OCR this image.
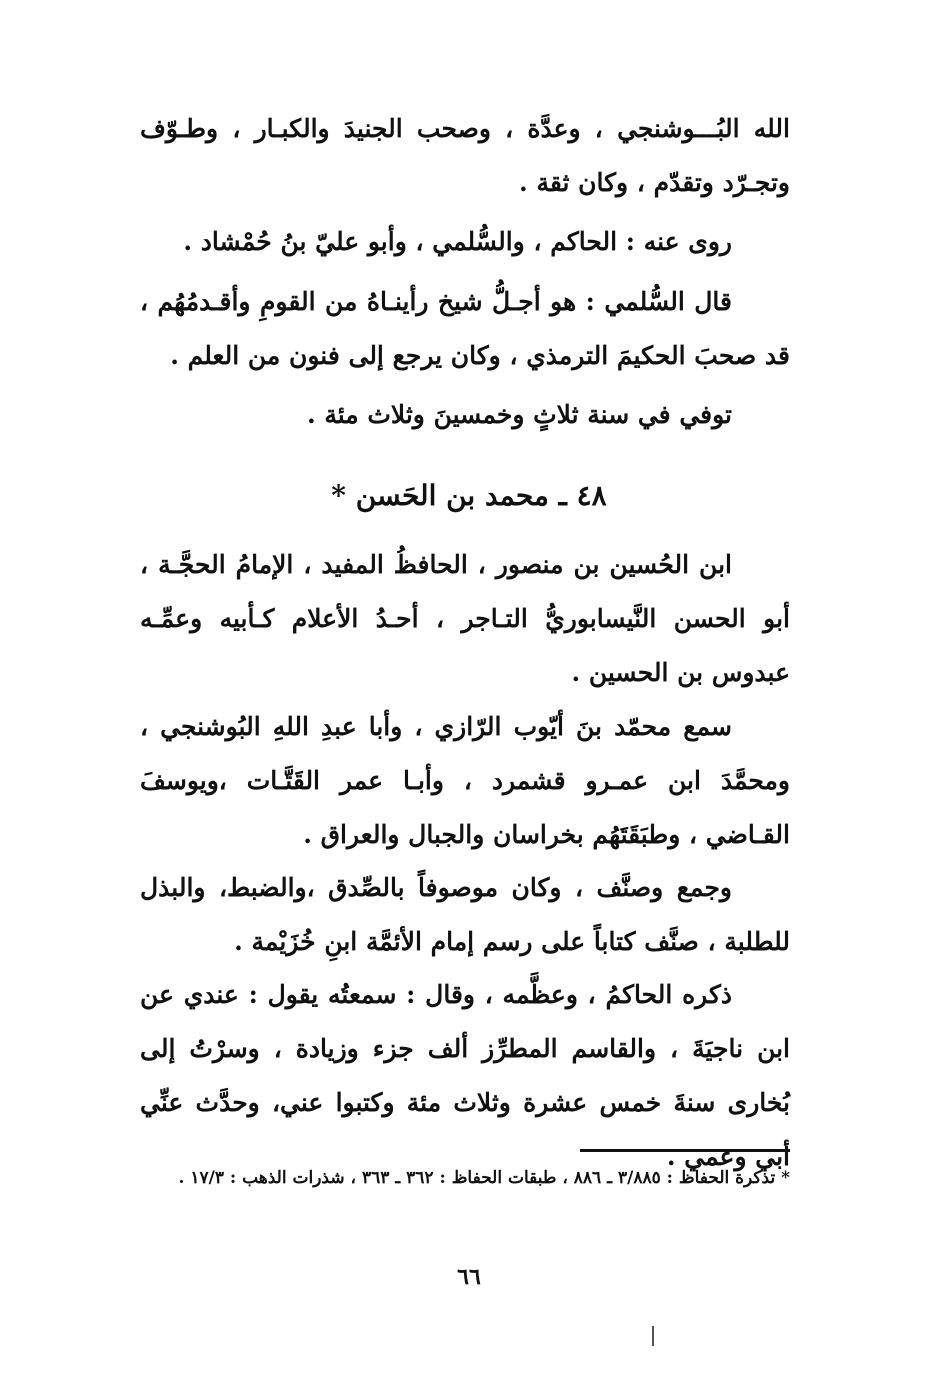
الله البُـــوشنجي ، وعدَّة ، وصحب الجنيدَ والكبـار ، وطـوّف وتجـرّد وتقدّم ، وكان ثقة .

روى عنه : الحاكم ، والسُّلمي ، وأبو عليّ بنُ حُمْشاد .

قال السُّلمي : هو أجـلُّ شيخ رأينـاهُ من القومِ وأقـدمُهُم ، قد صحبَ الحكيمَ الترمذي ، وكان يرجع إلى فنون من العلم .

توفي في سنة ثلاثٍ وخمسينَ وثلاث مئة .

٤٨ ـ محمد بن الحَسن *

ابن الحُسين بن منصور ، الحافظُ المفيد ، الإمامُ الحجَّـة ، أبو الحسن النَّيسابوريُّ التـاجر ، أحـدُ الأعلام كـأبيه وعمِّـه عبدوس بن الحسين .

سمع محمّد بنَ أيّوب الرّازي ، وأبا عبدِ اللهِ البُوشنجي ، ومحمَّدَ ابن عمـرو قشمرد ، وأبـا عمر القَتَّـات ،ويوسفَ القـاضي ، وطبَقَتَهُم بخراسان والجبال والعراق .

وجمع وصنَّف ، وكان موصوفاً بالصِّدق ،والضبط، والبذل للطلبة ، صنَّف كتاباً على رسم إمام الأئمَّة ابنِ خُزَيْمة .

ذكره الحاكمُ ، وعظَّمه ، وقال : سمعتُه يقول : عندي عن ابن ناجيَةَ ، والقاسم المطرِّز ألف جزء وزيادة ، وسرْتُ إلى بُخارى سنةَ خمس عشرة وثلاث مئة وكتبوا عني، وحدَّث عنِّي أبي وعمي .

* تذكرة الحفاظ : ٣/٨٨٥ ـ ٨٨٦ ، طبقات الحفاظ : ٣٦٢ ـ ٣٦٣ ، شذرات الذهب : ١٧/٣ .

٦٦
